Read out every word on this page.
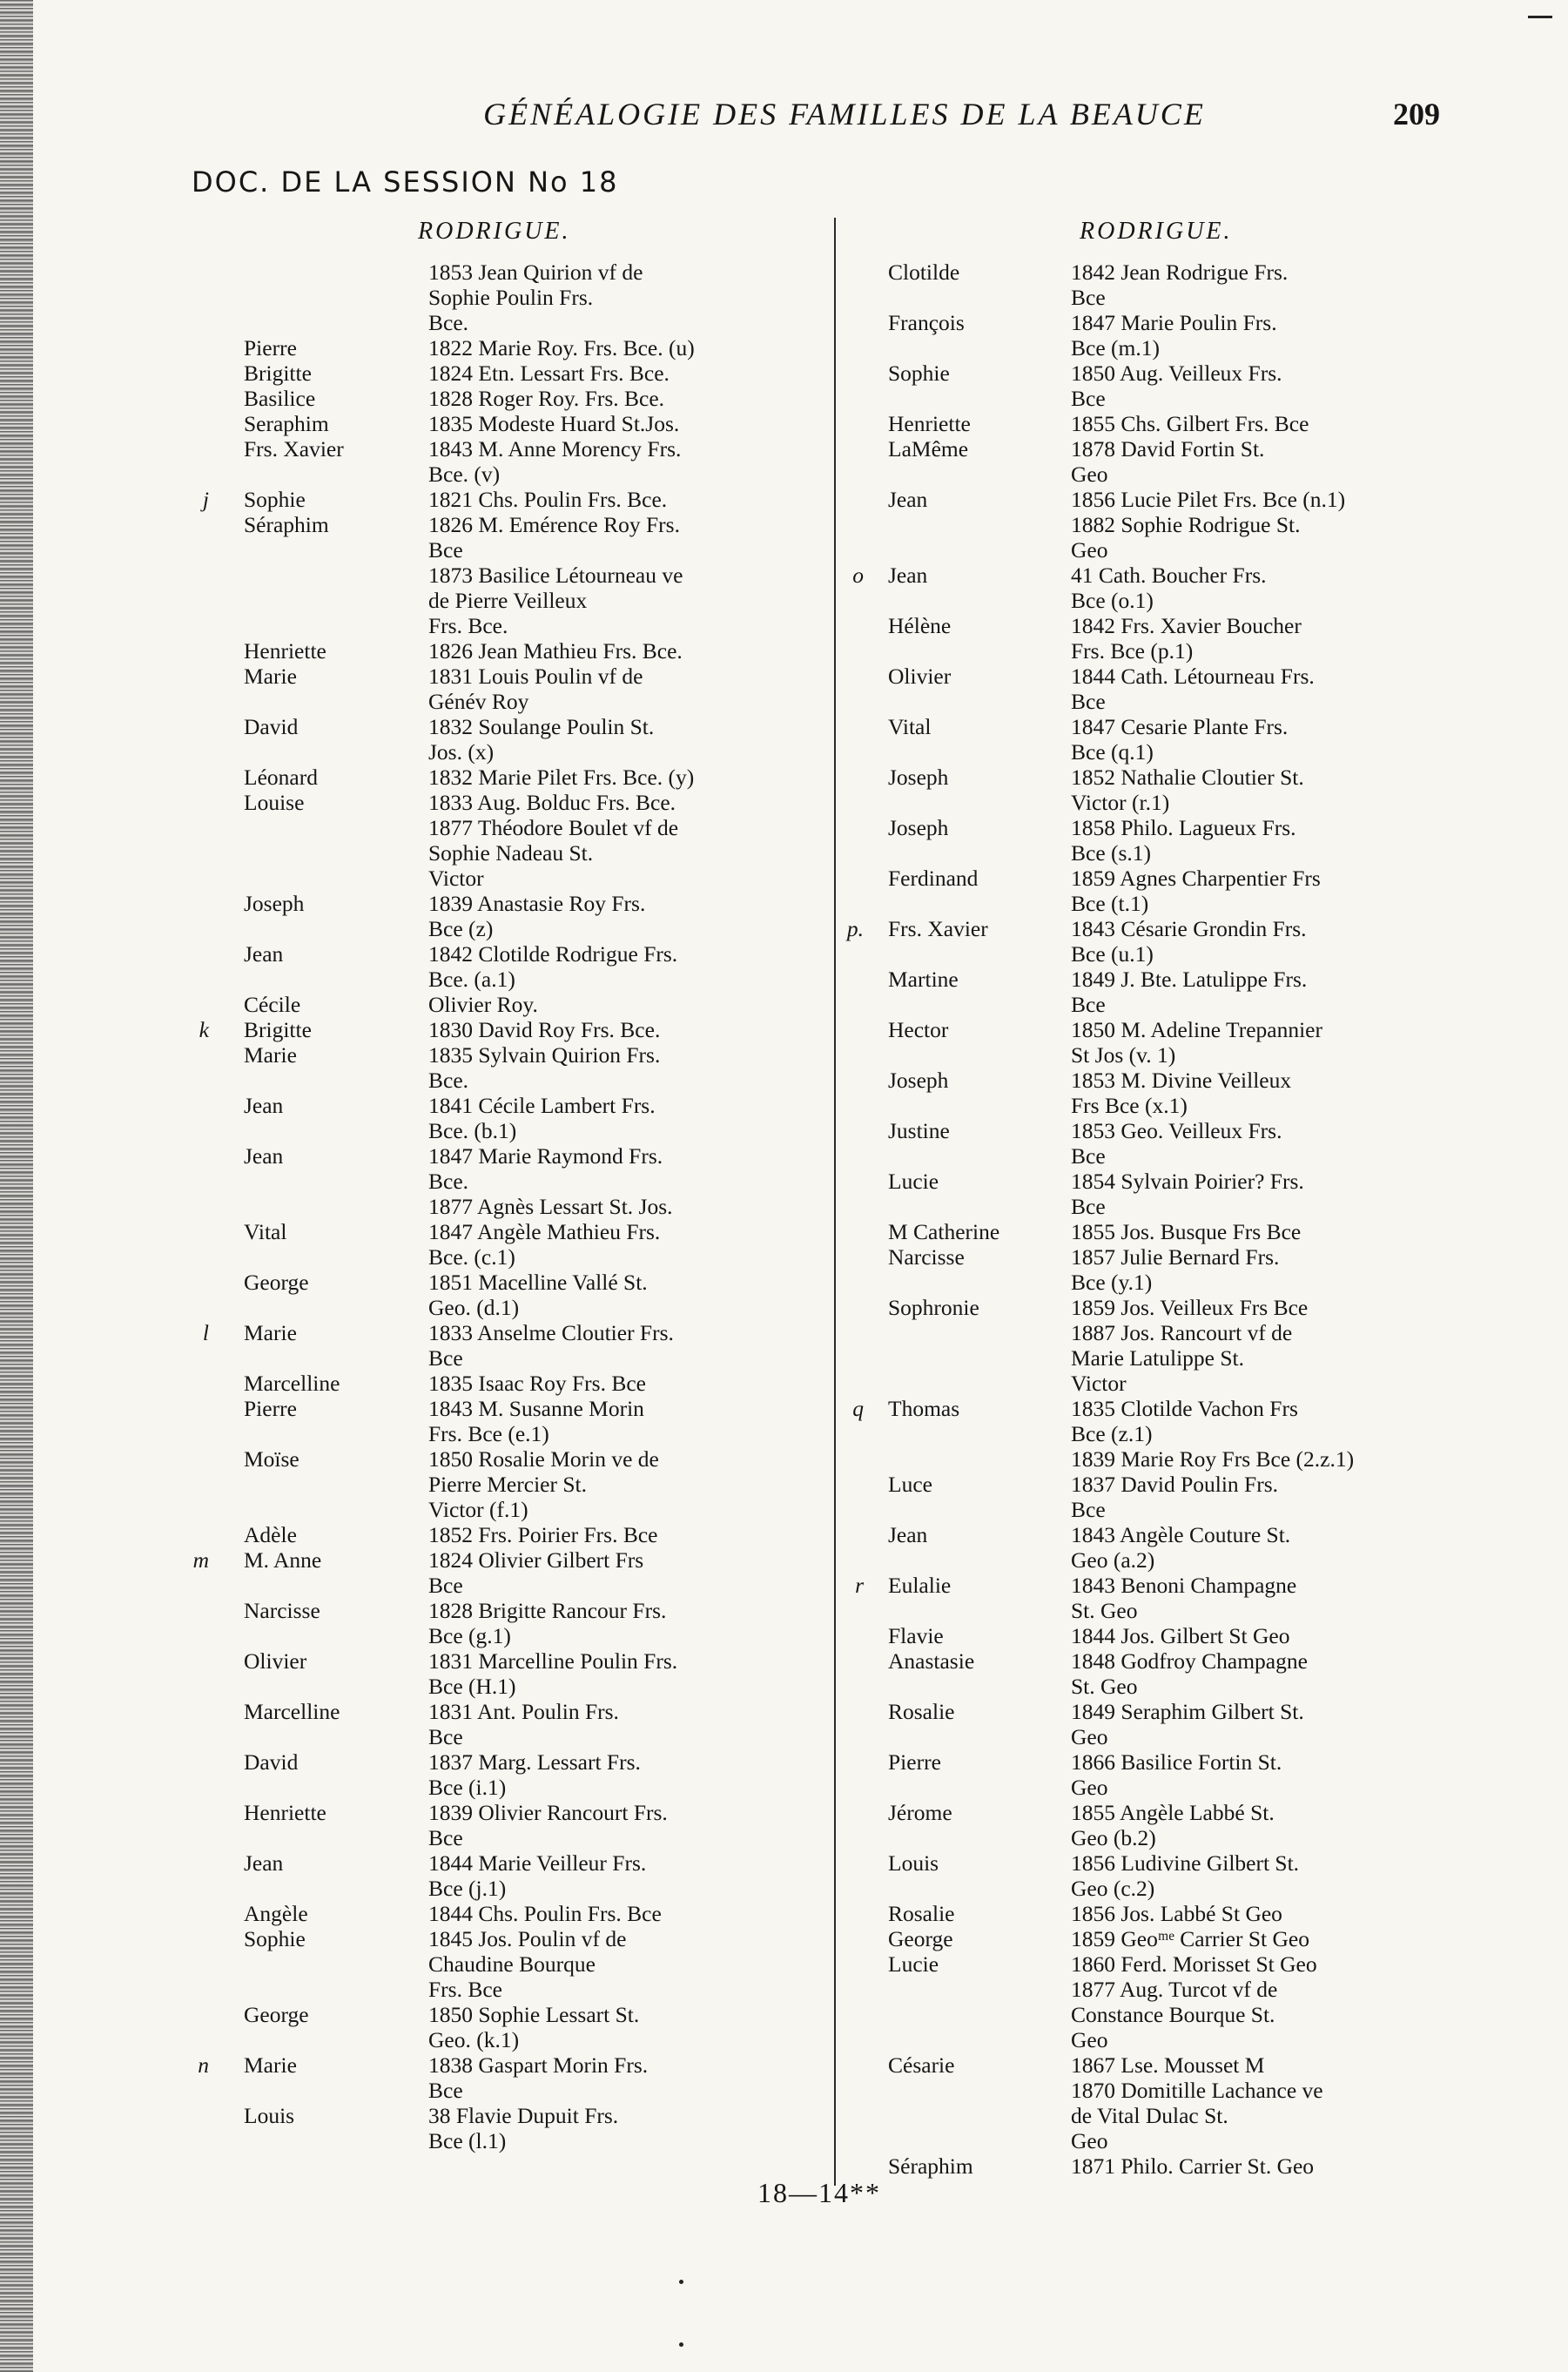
GÉNÉALOGIE DES FAMILLES DE LA BEAUCE	209
DOC. DE LA SESSION No 18
RODRIGUE.	RODRIGUE.
1853 Jean Quirion vf de
Sophie Poulin Frs.
Bce.
Pierre	1822 Marie Roy. Frs. Bce. (u)
Brigitte	1824 Etn. Lessart Frs. Bce.
Basilice	1828 Roger Roy. Frs. Bce.
Seraphim	1835 Modeste Huard St.Jos.
Frs. Xavier	1843 M. Anne Morency Frs.
Bce. (v)
j	Sophie	1821 Chs. Poulin Frs. Bce.
Séraphim	1826 M. Emérence Roy Frs.
Bce
1873 Basilice Létourneau ve
de Pierre Veilleux
Frs. Bce.
Henriette	1826 Jean Mathieu Frs. Bce.
Marie	1831 Louis Poulin vf de
Génév Roy
David	1832 Soulange Poulin St.
Jos. (x)
Léonard	1832 Marie Pilet Frs. Bce. (y)
Louise	1833 Aug. Bolduc Frs. Bce.
1877 Théodore Boulet vf de
Sophie Nadeau St.
Victor
Joseph	1839 Anastasie Roy Frs.
Bce (z)
Jean	1842 Clotilde Rodrigue Frs.
Bce. (a.1)
Cécile	Olivier Roy.
k	Brigitte	1830 David Roy Frs. Bce.
Marie	1835 Sylvain Quirion Frs.
Bce.
Jean	1841 Cécile Lambert Frs.
Bce. (b.1)
Jean	1847 Marie Raymond Frs.
Bce.
1877 Agnès Lessart St. Jos.
Vital	1847 Angèle Mathieu Frs.
Bce. (c.1)
George	1851 Macelline Vallé St.
Geo. (d.1)
l	Marie	1833 Anselme Cloutier Frs.
Bce
Marcelline	1835 Isaac Roy Frs. Bce
Pierre	1843 M. Susanne Morin
Frs. Bce (e.1)
Moïse	1850 Rosalie Morin ve de
Pierre Mercier St.
Victor (f.1)
Adèle	1852 Frs. Poirier Frs. Bce
m	M. Anne	1824 Olivier Gilbert Frs
Bce
Narcisse	1828 Brigitte Rancour Frs.
Bce (g.1)
Olivier	1831 Marcelline Poulin Frs.
Bce (H.1)
Marcelline	1831 Ant. Poulin Frs.
Bce
David	1837 Marg. Lessart Frs.
Bce (i.1)
Henriette	1839 Olivier Rancourt Frs.
Bce
Jean	1844 Marie Veilleur Frs.
Bce (j.1)
Angèle	1844 Chs. Poulin Frs. Bce
Sophie	1845 Jos. Poulin vf de
Chaudine Bourque
Frs. Bce
George	1850 Sophie Lessart St.
Geo. (k.1)
n	Marie	1838 Gaspart Morin Frs.
Bce
Louis	38 Flavie Dupuit Frs.
Bce (l.1)
Clotilde	1842 Jean Rodrigue Frs.
Bce
François	1847 Marie Poulin Frs.
Bce (m.1)
Sophie	1850 Aug. Veilleux Frs.
Bce
Henriette	1855 Chs. Gilbert Frs. Bce
LaMême	1878 David Fortin St.
Geo
Jean	1856 Lucie Pilet Frs. Bce (n.1)
1882 Sophie Rodrigue St.
Geo
o	Jean	41 Cath. Boucher Frs.
Bce (o.1)
Hélène	1842 Frs. Xavier Boucher
Frs. Bce (p.1)
Olivier	1844 Cath. Létourneau Frs.
Bce
Vital	1847 Cesarie Plante Frs.
Bce (q.1)
Joseph	1852 Nathalie Cloutier St.
Victor (r.1)
Joseph	1858 Philo. Lagueux Frs.
Bce (s.1)
Ferdinand	1859 Agnes Charpentier Frs
Bce (t.1)
p.	Frs. Xavier	1843 Césarie Grondin Frs.
Bce (u.1)
Martine	1849 J. Bte. Latulippe Frs.
Bce
Hector	1850 M. Adeline Trepannier
St Jos (v. 1)
Joseph	1853 M. Divine Veilleux
Frs Bce (x.1)
Justine	1853 Geo. Veilleux Frs.
Bce
Lucie	1854 Sylvain Poirier? Frs.
Bce
M Catherine	1855 Jos. Busque Frs Bce
Narcisse	1857 Julie Bernard Frs.
Bce (y.1)
Sophronie	1859 Jos. Veilleux Frs Bce
1887 Jos. Rancourt vf de
Marie Latulippe St.
Victor
q	Thomas	1835 Clotilde Vachon Frs
Bce (z.1)
1839 Marie Roy Frs Bce (2.z.1)
Luce	1837 David Poulin Frs.
Bce
Jean	1843 Angèle Couture St.
Geo (a.2)
r	Eulalie	1843 Benoni Champagne
St. Geo
Flavie	1844 Jos. Gilbert St Geo
Anastasie	1848 Godfroy Champagne
St. Geo
Rosalie	1849 Seraphim Gilbert St.
Geo
Pierre	1866 Basilice Fortin St.
Geo
Jérome	1855 Angèle Labbé St.
Geo (b.2)
Louis	1856 Ludivine Gilbert St.
Geo (c.2)
Rosalie	1856 Jos. Labbé St Geo
George	1859 Geoᵐᵉ Carrier St Geo
Lucie	1860 Ferd. Morisset St Geo
1877 Aug. Turcot vf de
Constance Bourque St.
Geo
Césarie	1867 Lse. Mousset M
1870 Domitille Lachance ve
de Vital Dulac St.
Geo
Séraphim	1871 Philo. Carrier St. Geo
18—14**
